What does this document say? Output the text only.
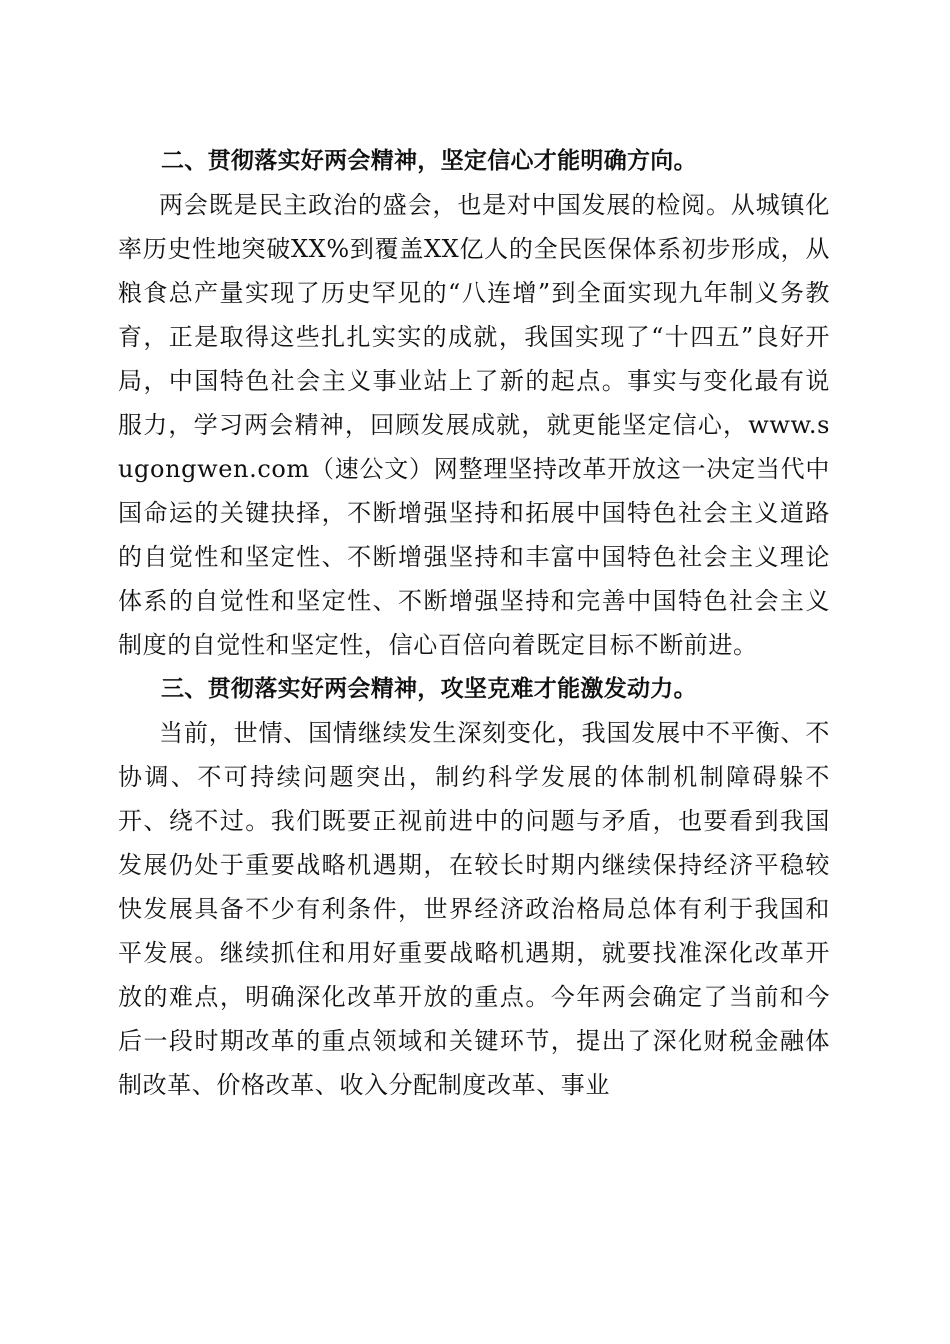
二、贯彻落实好两会精神，坚定信心才能明确方向。

两会既是民主政治的盛会，也是对中国发展的检阅。从城镇化率历史性地突破XX%到覆盖XX亿人的全民医保体系初步形成，从粮食总产量实现了历史罕见的“八连增”到全面实现九年制义务教育，正是取得这些扎扎实实的成就，我国实现了“十四五”良好开局，中国特色社会主义事业站上了新的起点。事实与变化最有说服力，学习两会精神，回顾发展成就，就更能坚定信心，www.sugongwen.com（速公文）网整理坚持改革开放这一决定当代中国命运的关键抉择，不断增强坚持和拓展中国特色社会主义道路的自觉性和坚定性、不断增强坚持和丰富中国特色社会主义理论体系的自觉性和坚定性、不断增强坚持和完善中国特色社会主义制度的自觉性和坚定性，信心百倍向着既定目标不断前进。

三、贯彻落实好两会精神，攻坚克难才能激发动力。

当前，世情、国情继续发生深刻变化，我国发展中不平衡、不协调、不可持续问题突出，制约科学发展的体制机制障碍躲不开、绕不过。我们既要正视前进中的问题与矛盾，也要看到我国发展仍处于重要战略机遇期，在较长时期内继续保持经济平稳较快发展具备不少有利条件，世界经济政治格局总体有利于我国和平发展。继续抓住和用好重要战略机遇期，就要找准深化改革开放的难点，明确深化改革开放的重点。今年两会确定了当前和今后一段时期改革的重点领域和关键环节，提出了深化财税金融体制改革、价格改革、收入分配制度改革、事业
